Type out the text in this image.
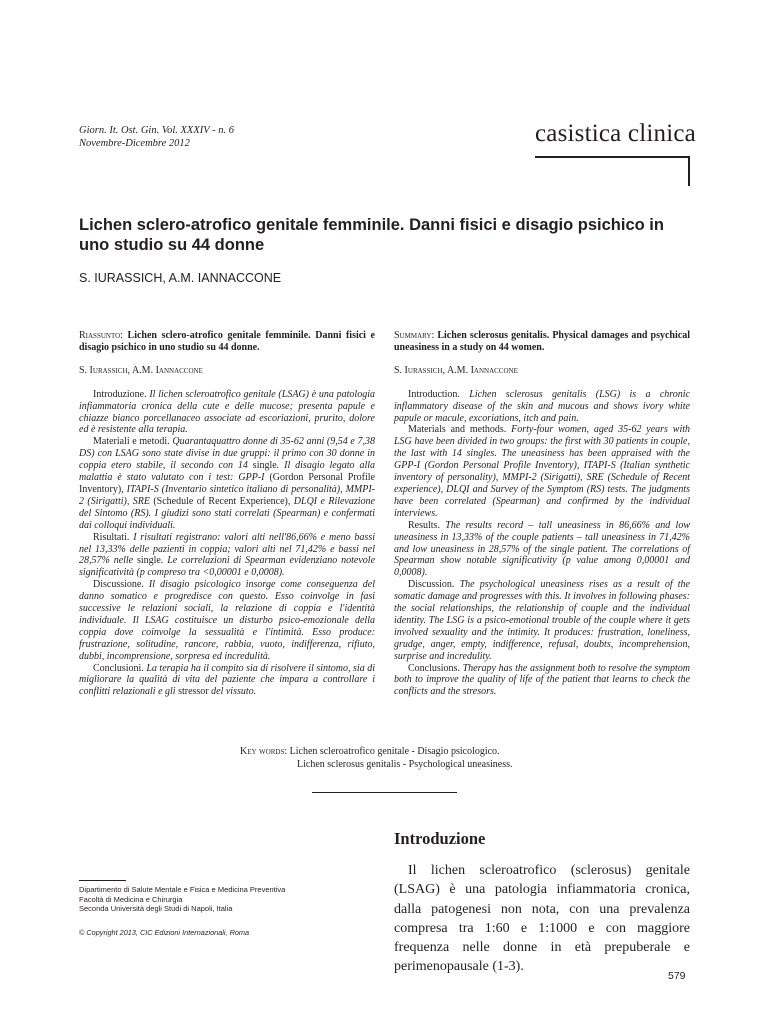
Giorn. It. Ost. Gin. Vol. XXXIV - n. 6
Novembre-Dicembre 2012	casistica clinica
Lichen sclero-atrofico genitale femminile. Danni fisici e disagio psichico in uno studio su 44 donne
S. IURASSICH, A.M. IANNACCONE

Riassunto: Lichen sclero-atrofico genitale femminile. Danni fisici e disagio psichico in uno studio su 44 donne.

S. Iurassich, A.M. Iannaccone

Introduzione. Il lichen scleroatrofico genitale (LSAG) è una patologia infiammatoria cronica della cute e delle mucose; presenta papule e chiazze bianco porcellanaceo associate ad escoriazioni, prurito, dolore ed è resistente alla terapia.

Materiali e metodi. Quarantaquattro donne di 35-62 anni (9,54 e 7,38 DS) con LSAG sono state divise in due gruppi: il primo con 30 donne in coppia etero stabile, il secondo con 14 single. Il disagio legato alla malattia è stato valutato con i test: GPP-I (Gordon Personal Profile Inventory), ITAPI-S (Inventario sintetico italiano di personalità), MMPI-2 (Sirigatti), SRE (Schedule of Recent Experience), DLQI e Rilevazione del Sintomo (RS). I giudizi sono stati correlati (Spearman) e confermati dai colloqui individuali.

Risultati. I risultati registrano: valori alti nell'86,66% e meno bassi nel 13,33% delle pazienti in coppia; valori alti nel 71,42% e bassi nel 28,57% nelle single. Le correlazioni di Spearman evidenziano notevole significatività (p compreso tra <0,00001 e 0,0008).

Discussione. Il disagio psicologico insorge come conseguenza del danno somatico e progredisce con questo. Esso coinvolge in fasi successive le relazioni sociali, la relazione di coppia e l'identità individuale. Il LSAG costituisce un disturbo psico-emozionale della coppia dove coinvolge la sessualità e l'intimità. Esso produce: frustrazione, solitudine, rancore, rabbia, vuoto, indifferenza, rifiuto, dubbi, incomprensione, sorpresa ed incredulità.

Conclusioni. La terapia ha il compito sia di risolvere il sintomo, sia di migliorare la qualità di vita del paziente che impara a controllare i conflitti relazionali e gli stressor del vissuto.

Summary: Lichen sclerosus genitalis. Physical damages and psychical uneasiness in a study on 44 women.

S. Iurassich, A.M. Iannaccone

Introduction. Lichen sclerosus genitalis (LSG) is a chronic inflammatory disease of the skin and mucous and shows ivory white papule or macule, excoriations, itch and pain.

Materials and methods. Forty-four women, aged 35-62 years with LSG have been divided in two groups: the first with 30 patients in couple, the last with 14 singles. The uneasiness has been appraised with the GPP-I (Gordon Personal Profile Inventory), ITAPI-S (Italian synthetic inventory of personality), MMPI-2 (Sirigatti), SRE (Schedule of Recent experience), DLQI and Survey of the Symptom (RS) tests. The judgments have been correlated (Spearman) and confirmed by the individual interviews.

Results. The results record – tall uneasiness in 86,66% and low uneasiness in 13,33% of the couple patients – tall uneasiness in 71,42% and low uneasiness in 28,57% of the single patient. The correlations of Spearman show notable significativity (p value among 0,00001 and 0,0008).

Discussion. The psychological uneasiness rises as a result of the somatic damage and progresses with this. It involves in following phases: the social relationships, the relationship of couple and the individual identity. The LSG is a psico-emotional trouble of the couple where it gets involved sexuality and the intimity. It produces: frustration, loneliness, grudge, anger, empty, indifference, refusal, doubts, incomprehension, surprise and incredulity.

Conclusions. Therapy has the assignment both to resolve the symptom both to improve the quality of life of the patient that learns to check the conflicts and the stresors.

Key words: Lichen scleroatrofico genitale - Disagio psicologico.
Lichen sclerosus genitalis - Psychological uneasiness.
Introduzione
Il lichen scleroatrofico (sclerosus) genitale (LSAG) è una patologia infiammatoria cronica, dalla patogenesi non nota, con una prevalenza compresa tra 1:60 e 1:1000 e con maggiore frequenza nelle donne in età prepuberale e perimenopausale (1-3).
Dipartimento di Salute Mentale e Fisica e Medicina Preventiva
Facoltà di Medicina e Chirurgia
Seconda Università degli Studi di Napoli, Italia
© Copyright 2013, CIC Edizioni Internazionali, Roma
579
